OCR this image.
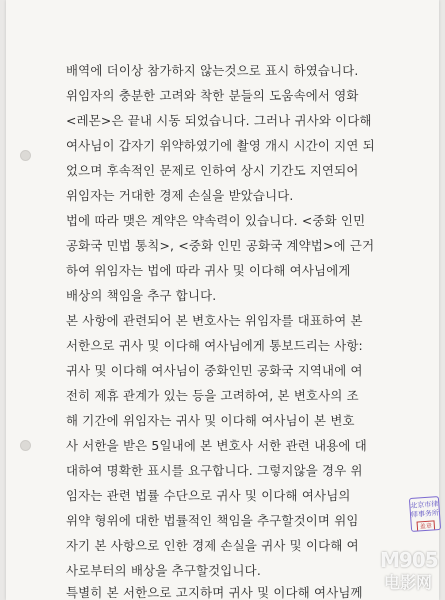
배역에 더이상 참가하지 않는것으로 표시 하였습니다.
위임자의 충분한 고려와 착한 분들의 도움속에서 영화
<레몬>은 끝내 시동 되었습니다. 그러나 귀사와 이다해
여사님이 갑자기 위약하였기에 촬영 개시 시간이 지연 되
었으며 후속적인 문제로 인하여 상시 기간도 지연되어
위임자는 거대한 경제 손실을 받았습니다.
법에 따라 맺은 계약은 약속력이 있습니다. <중화 인민
공화국 민법 통칙>, <중화 인민 공화국 계약법>에 근거
하여 위임자는 법에 따라 귀사 및 이다해 여사님에게
배상의 책임을 추구 합니다.
본 사항에 관련되어 본 변호사는 위임자를 대표하여 본
서한으로 귀사 및 이다해 여사님에게 통보드리는 사항:
귀사 및 이다해 여사님이 중화인민 공화국 지역내에 여
전히 제휴 관계가 있는 등을 고려하여, 본 변호사의 조
해 기간에 위임자는 귀사 및 이다해 여사님이 본 변호
사 서한을 받은 5일내에 본 변호사 서한 관련 내용에 대
대하여 명확한 표시를 요구합니다. 그렇지않을 경우 위
임자는 관련 법률 수단으로 귀사 및 이다해 여사님의
위약 형위에 대한 법률적인 책임을 추구할것이며 위임
자기 본 사항으로 인한 경제 손실을 귀사 및 이다해 여
사로부터의 배상을 추구할것입니다.
특별히 본 서한으로 고지하며 귀사 및 이다해 여사님께
北京市律师事务所
盖章
M905
电影网
